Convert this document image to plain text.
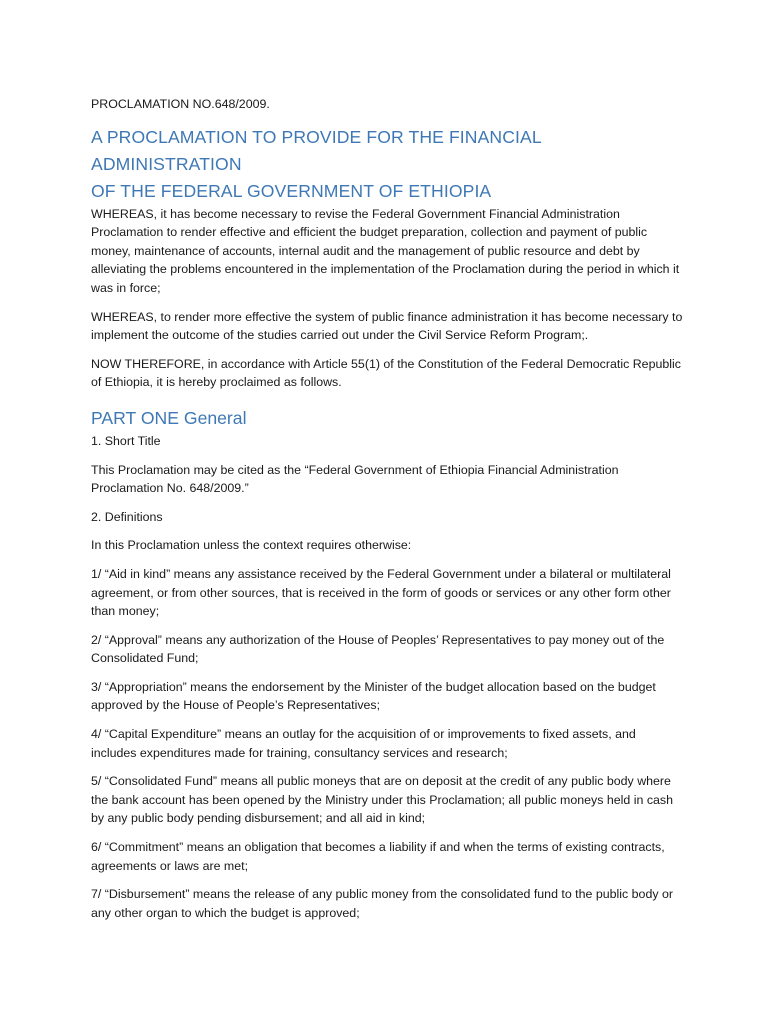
PROCLAMATION NO.648/2009.

A PROCLAMATION TO PROVIDE FOR THE FINANCIAL ADMINISTRATION
OF THE FEDERAL GOVERNMENT OF ETHIOPIA

WHEREAS, it has become necessary to revise the Federal Government Financial Administration Proclamation to render effective and efficient the budget preparation, collection and payment of public money, maintenance of accounts, internal audit and the management of public resource and debt by alleviating the problems encountered in the implementation of the Proclamation during the period in which it was in force;

WHEREAS, to render more effective the system of public finance administration it has become necessary to implement the outcome of the studies carried out under the Civil Service Reform Program;.

NOW THEREFORE, in accordance with Article 55(1) of the Constitution of the Federal Democratic Republic of Ethiopia, it is hereby proclaimed as follows.

PART ONE General

1. Short Title

This Proclamation may be cited as the “Federal Government of Ethiopia Financial Administration Proclamation No. 648/2009.”

2. Definitions

In this Proclamation unless the context requires otherwise:

1/ “Aid in kind” means any assistance received by the Federal Government under a bilateral or multilateral agreement, or from other sources, that is received in the form of goods or services or any other form other than money;

2/ “Approval” means any authorization of the House of Peoples’ Representatives to pay money out of the Consolidated Fund;

3/ “Appropriation” means the endorsement by the Minister of the budget allocation based on the budget approved by the House of People’s Representatives;

4/ “Capital Expenditure” means an outlay for the acquisition of or improvements to fixed assets, and includes expenditures made for training, consultancy services and research;

5/ “Consolidated Fund” means all public moneys that are on deposit at the credit of any public body where the bank account has been opened by the Ministry under this Proclamation; all public moneys held in cash by any public body pending disbursement; and all aid in kind;

6/ “Commitment” means an obligation that becomes a liability if and when the terms of existing contracts, agreements or laws are met;

7/ “Disbursement” means the release of any public money from the consolidated fund to the public body or any other organ to which the budget is approved;
